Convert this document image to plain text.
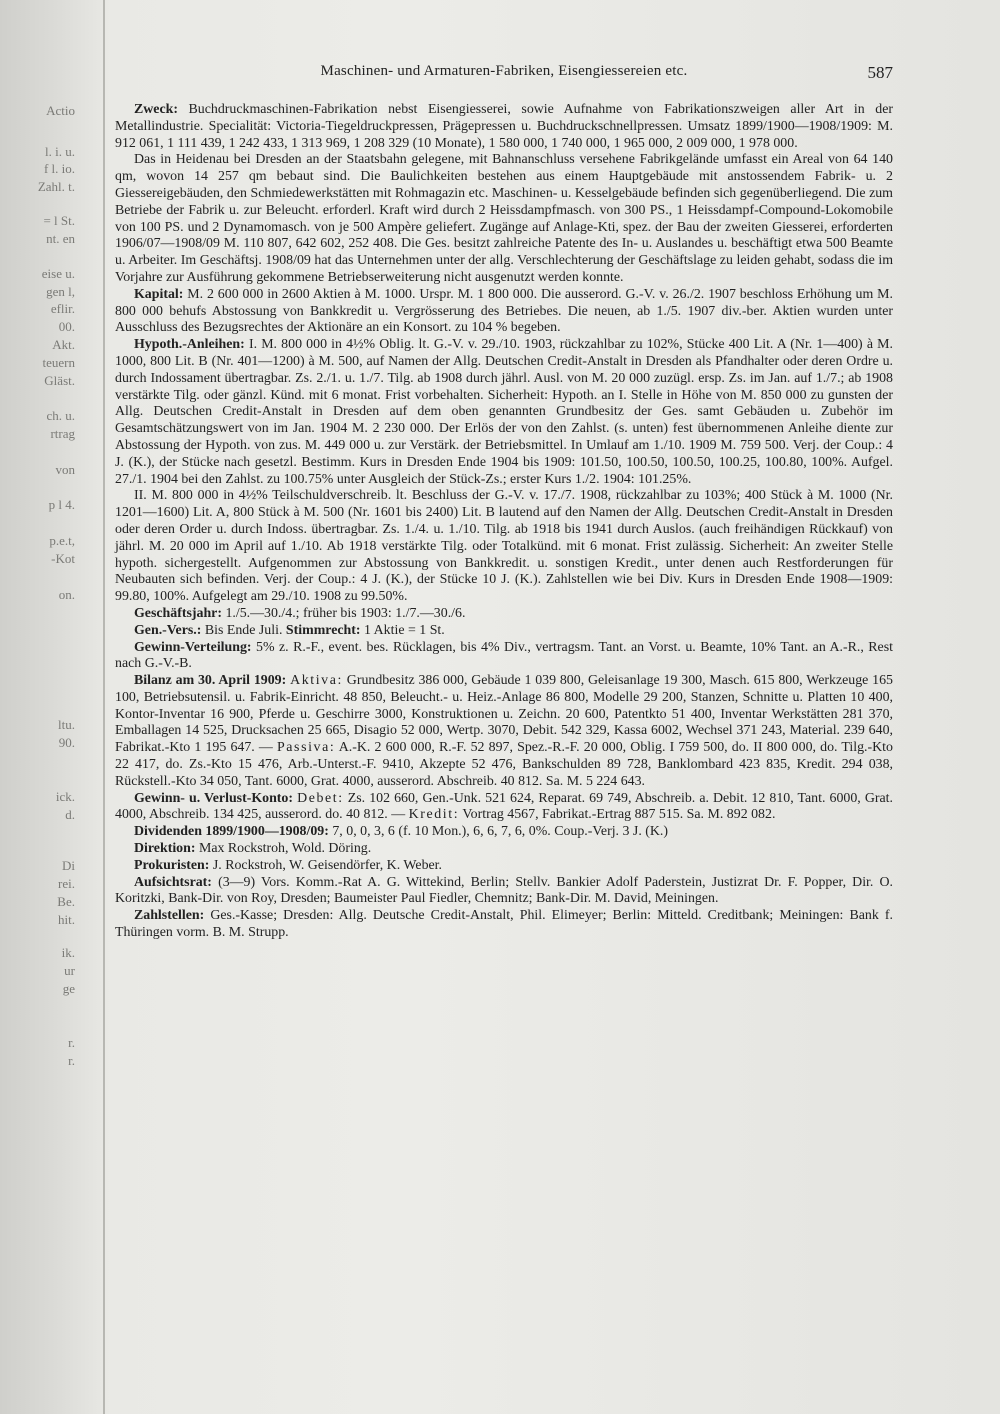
Actio
l. i. u.
f l. io.
Zahl. t.
= l St.
nt. en
eise u.
gen l,
eflir.
00.
Akt.
teuern
Gläst.
ch. u.
rtrag
von
p l 4.
p.e.t,
-Kot
on.
ltu.
90.
ick.
d.
Di
rei.
Be.
hit.
ik.
ur
ge
r.
r.
Maschinen- und Armaturen-Fabriken, Eisengiessereien etc.	587

Zweck: Buchdruckmaschinen-Fabrikation nebst Eisengiesserei, sowie Aufnahme von Fabrikationszweigen aller Art in der Metallindustrie. Specialität: Victoria-Tiegeldruckpressen, Prägepressen u. Buchdruckschnellpressen. Umsatz 1899/1900—1908/1909: M. 912 061, 1 111 439, 1 242 433, 1 313 969, 1 208 329 (10 Monate), 1 580 000, 1 740 000, 1 965 000, 2 009 000, 1 978 000.

Das in Heidenau bei Dresden an der Staatsbahn gelegene, mit Bahnanschluss versehene Fabrikgelände umfasst ein Areal von 64 140 qm, wovon 14 257 qm bebaut sind. Die Baulichkeiten bestehen aus einem Hauptgebäude mit anstossendem Fabrik- u. 2 Giessereigebäuden, den Schmiedewerkstätten mit Rohmagazin etc. Maschinen- u. Kesselgebäude befinden sich gegenüberliegend. Die zum Betriebe der Fabrik u. zur Beleucht. erforderl. Kraft wird durch 2 Heissdampfmasch. von 300 PS., 1 Heissdampf-Compound-Lokomobile von 100 PS. und 2 Dynamomasch. von je 500 Ampère geliefert. Zugänge auf Anlage-Kti, spez. der Bau der zweiten Giesserei, erforderten 1906/07—1908/09 M. 110 807, 642 602, 252 408. Die Ges. besitzt zahlreiche Patente des In- u. Auslandes u. beschäftigt etwa 500 Beamte u. Arbeiter. Im Geschäftsj. 1908/09 hat das Unternehmen unter der allg. Verschlechterung der Geschäftslage zu leiden gehabt, sodass die im Vorjahre zur Ausführung gekommene Betriebserweiterung nicht ausgenutzt werden konnte.

Kapital: M. 2 600 000 in 2600 Aktien à M. 1000. Urspr. M. 1 800 000. Die ausserord. G.-V. v. 26./2. 1907 beschloss Erhöhung um M. 800 000 behufs Abstossung von Bankkredit u. Vergrösserung des Betriebes. Die neuen, ab 1./5. 1907 div.-ber. Aktien wurden unter Ausschluss des Bezugsrechtes der Aktionäre an ein Konsort. zu 104 % begeben.

Hypoth.-Anleihen: I. M. 800 000 in 4½% Oblig. lt. G.-V. v. 29./10. 1903, rückzahlbar zu 102%, Stücke 400 Lit. A (Nr. 1—400) à M. 1000, 800 Lit. B (Nr. 401—1200) à M. 500, auf Namen der Allg. Deutschen Credit-Anstalt in Dresden als Pfandhalter oder deren Ordre u. durch Indossament übertragbar. Zs. 2./1. u. 1./7. Tilg. ab 1908 durch jährl. Ausl. von M. 20 000 zuzügl. ersp. Zs. im Jan. auf 1./7.; ab 1908 verstärkte Tilg. oder gänzl. Künd. mit 6 monat. Frist vorbehalten. Sicherheit: Hypoth. an I. Stelle in Höhe von M. 850 000 zu gunsten der Allg. Deutschen Credit-Anstalt in Dresden auf dem oben genannten Grundbesitz der Ges. samt Gebäuden u. Zubehör im Gesamtschätzungswert von im Jan. 1904 M. 2 230 000. Der Erlös der von den Zahlst. (s. unten) fest übernommenen Anleihe diente zur Abstossung der Hypoth. von zus. M. 449 000 u. zur Verstärk. der Betriebsmittel. In Umlauf am 1./10. 1909 M. 759 500. Verj. der Coup.: 4 J. (K.), der Stücke nach gesetzl. Bestimm. Kurs in Dresden Ende 1904 bis 1909: 101.50, 100.50, 100.50, 100.25, 100.80, 100%. Aufgel. 27./1. 1904 bei den Zahlst. zu 100.75% unter Ausgleich der Stück-Zs.; erster Kurs 1./2. 1904: 101.25%.

II. M. 800 000 in 4½% Teilschuldverschreib. lt. Beschluss der G.-V. v. 17./7. 1908, rückzahlbar zu 103%; 400 Stück à M. 1000 (Nr. 1201—1600) Lit. A, 800 Stück à M. 500 (Nr. 1601 bis 2400) Lit. B lautend auf den Namen der Allg. Deutschen Credit-Anstalt in Dresden oder deren Order u. durch Indoss. übertragbar. Zs. 1./4. u. 1./10. Tilg. ab 1918 bis 1941 durch Auslos. (auch freihändigen Rückkauf) von jährl. M. 20 000 im April auf 1./10. Ab 1918 verstärkte Tilg. oder Totalkünd. mit 6 monat. Frist zulässig. Sicherheit: An zweiter Stelle hypoth. sichergestellt. Aufgenommen zur Abstossung von Bankkredit. u. sonstigen Kredit., unter denen auch Restforderungen für Neubauten sich befinden. Verj. der Coup.: 4 J. (K.), der Stücke 10 J. (K.). Zahlstellen wie bei Div. Kurs in Dresden Ende 1908—1909: 99.80, 100%. Aufgelegt am 29./10. 1908 zu 99.50%.

Geschäftsjahr: 1./5.—30./4.; früher bis 1903: 1./7.—30./6.

Gen.-Vers.: Bis Ende Juli. Stimmrecht: 1 Aktie = 1 St.

Gewinn-Verteilung: 5% z. R.-F., event. bes. Rücklagen, bis 4% Div., vertragsm. Tant. an Vorst. u. Beamte, 10% Tant. an A.-R., Rest nach G.-V.-B.

Bilanz am 30. April 1909: Aktiva: Grundbesitz 386 000, Gebäude 1 039 800, Geleisanlage 19 300, Masch. 615 800, Werkzeuge 165 100, Betriebsutensil. u. Fabrik-Einricht. 48 850, Beleucht.- u. Heiz.-Anlage 86 800, Modelle 29 200, Stanzen, Schnitte u. Platten 10 400, Kontor-Inventar 16 900, Pferde u. Geschirre 3000, Konstruktionen u. Zeichn. 20 600, Patentkto 51 400, Inventar Werkstätten 281 370, Emballagen 14 525, Drucksachen 25 665, Disagio 52 000, Wertp. 3070, Debit. 542 329, Kassa 6002, Wechsel 371 243, Material. 239 640, Fabrikat.-Kto 1 195 647. — Passiva: A.-K. 2 600 000, R.-F. 52 897, Spez.-R.-F. 20 000, Oblig. I 759 500, do. II 800 000, do. Tilg.-Kto 22 417, do. Zs.-Kto 15 476, Arb.-Unterst.-F. 9410, Akzepte 52 476, Bankschulden 89 728, Banklombard 423 835, Kredit. 294 038, Rückstell.-Kto 34 050, Tant. 6000, Grat. 4000, ausserord. Abschreib. 40 812. Sa. M. 5 224 643.

Gewinn- u. Verlust-Konto: Debet: Zs. 102 660, Gen.-Unk. 521 624, Reparat. 69 749, Abschreib. a. Debit. 12 810, Tant. 6000, Grat. 4000, Abschreib. 134 425, ausserord. do. 40 812. — Kredit: Vortrag 4567, Fabrikat.-Ertrag 887 515. Sa. M. 892 082.

Dividenden 1899/1900—1908/09: 7, 0, 0, 3, 6 (f. 10 Mon.), 6, 6, 7, 6, 0%. Coup.-Verj. 3 J. (K.)

Direktion: Max Rockstroh, Wold. Döring.

Prokuristen: J. Rockstroh, W. Geisendörfer, K. Weber.

Aufsichtsrat: (3—9) Vors. Komm.-Rat A. G. Wittekind, Berlin; Stellv. Bankier Adolf Paderstein, Justizrat Dr. F. Popper, Dir. O. Koritzki, Bank-Dir. von Roy, Dresden; Baumeister Paul Fiedler, Chemnitz; Bank-Dir. M. David, Meiningen.

Zahlstellen: Ges.-Kasse; Dresden: Allg. Deutsche Credit-Anstalt, Phil. Elimeyer; Berlin: Mitteld. Creditbank; Meiningen: Bank f. Thüringen vorm. B. M. Strupp.
